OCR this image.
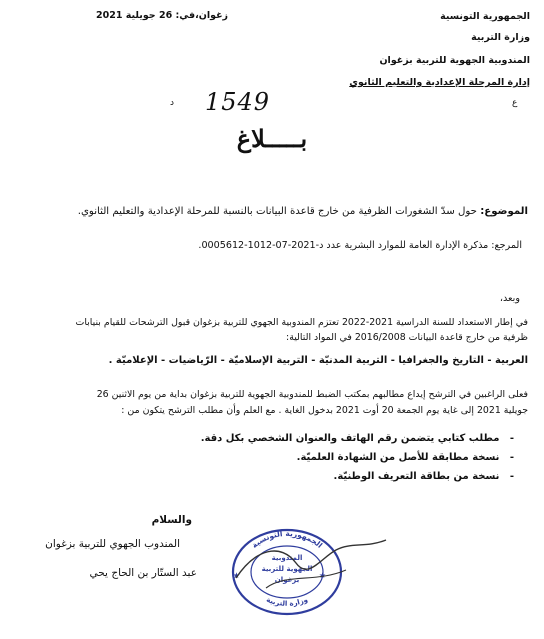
الجمهورية التونسية
وزارة التربية
المندوبية الجهوية للتربية بزغوان
إدارة المرحلة الإعدادية والتعليم الثانوي
زغوان،في: 26 جويلية 2021
ع
1549
د
بـــــلاغ
الموضوع: حول سدّ الشغورات الظرفية من خارج قاعدة البيانات بالنسبة للمرحلة الإعدادية والتعليم الثانوي.
المرجع: مذكرة الإدارة العامة للموارد البشرية عدد د-2021-07-1012-0005612.
وبعد،
في إطار الاستعداد للسنة الدراسية 2021-2022 تعتزم المندوبية الجهوي للتربية بزغوان قبول الترشحات للقيام بنيابات
ظرفية من خارج قاعدة البيانات 2016/2008 في المواد التالية:
العربية - التاريخ والجغرافيا - التربية المدنيّة - التربية الإسلاميّة - الرّياضيات - الإعلاميّة .
فعلى الراغبين في الترشح إيداع مطالبهم بمكتب الضبط للمندوبية الجهوية للتربية بزغوان بداية من يوم الاثنين 26
جويلية 2021 إلى غاية يوم الجمعة 20 أوت 2021 بدخول الغاية . مع العلم وأن مطلب الترشح يتكون من :
-   مطلب كتابي يتضمن رقم الهاتف والعنوان الشخصي بكل دقة.
-   نسخة مطابقة للأصل من الشهادة العلميّة.
-   نسخة من بطاقة التعريف الوطنيّة.
والسلام
المندوب الجهوي للتربية بزغوان
عبد الستّار بن الحاج يحي
الجمهورية التونسية
وزارة التربية
المندوبية
الجهوية للتربية
بزغوان
★	★
